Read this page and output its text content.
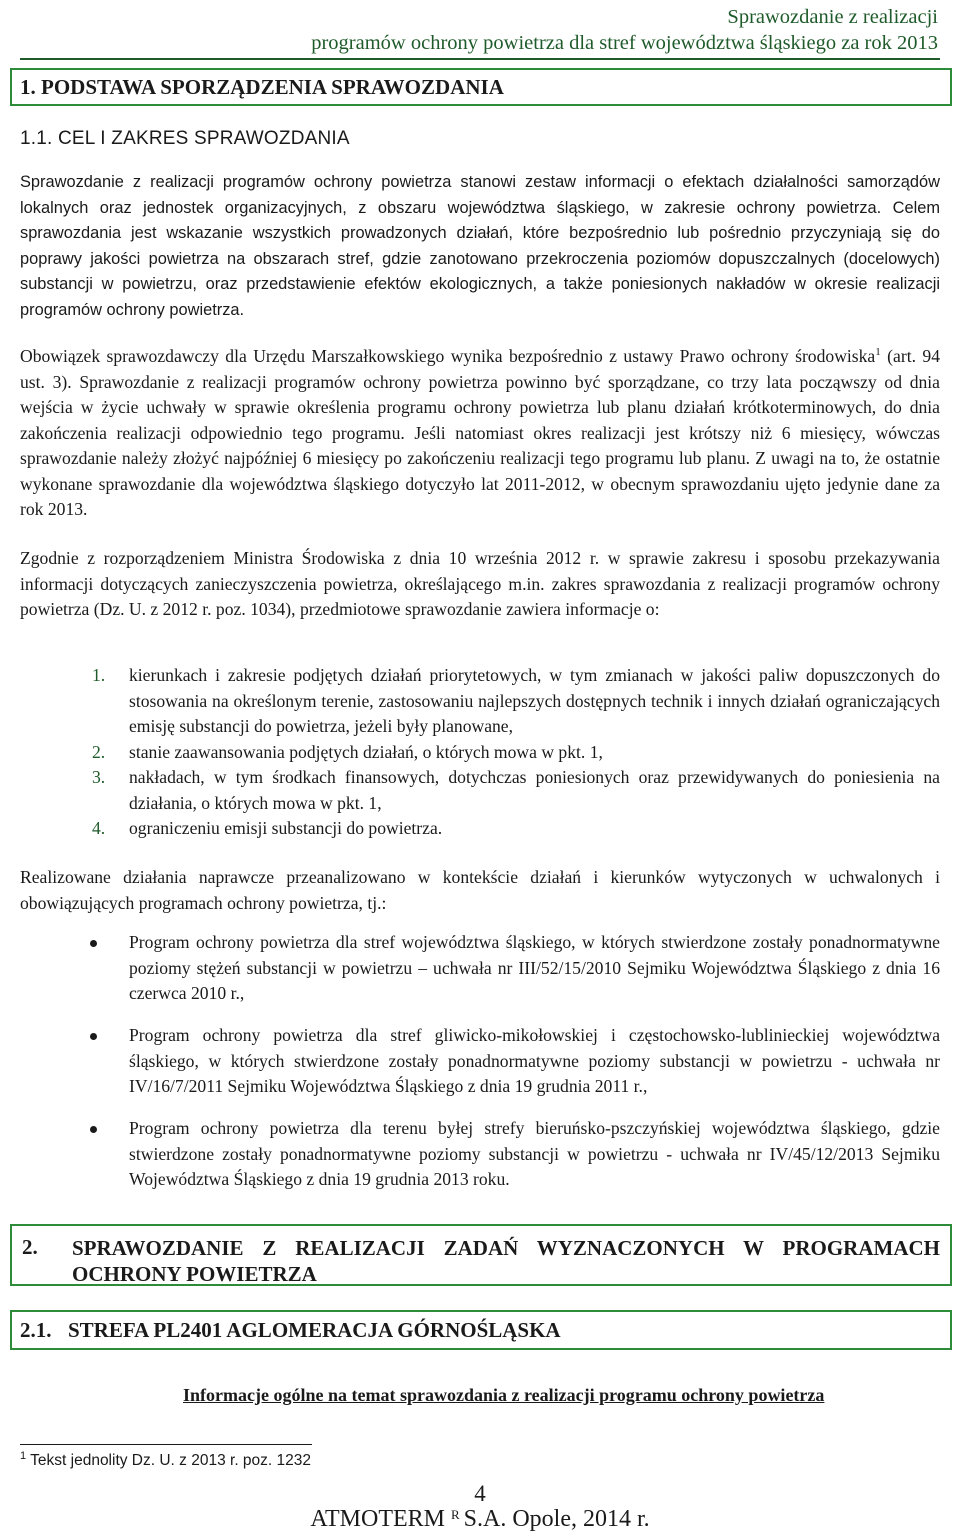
Sprawozdanie z realizacji
programów ochrony powietrza dla stref województwa śląskiego za rok 2013
1. PODSTAWA SPORZĄDZENIA SPRAWOZDANIA
1.1. CEL I ZAKRES SPRAWOZDANIA
Sprawozdanie z realizacji programów ochrony powietrza stanowi zestaw informacji o efektach działalności samorządów lokalnych oraz jednostek organizacyjnych, z obszaru województwa śląskiego, w zakresie ochrony powietrza. Celem sprawozdania jest wskazanie wszystkich prowadzonych działań, które bezpośrednio lub pośrednio przyczyniają się do poprawy jakości powietrza na obszarach stref, gdzie zanotowano przekroczenia poziomów dopuszczalnych (docelowych) substancji w powietrzu, oraz przedstawienie efektów ekologicznych, a także poniesionych nakładów w okresie realizacji programów ochrony powietrza.
Obowiązek sprawozdawczy dla Urzędu Marszałkowskiego wynika bezpośrednio z ustawy Prawo ochrony środowiska$^1$ (art. 94 ust. 3). Sprawozdanie z realizacji programów ochrony powietrza powinno być sporządzane, co trzy lata począwszy od dnia wejścia w życie uchwały w sprawie określenia programu ochrony powietrza lub planu działań krótkoterminowych, do dnia zakończenia realizacji odpowiednio tego programu. Jeśli natomiast okres realizacji jest krótszy niż 6 miesięcy, wówczas sprawozdanie należy złożyć najpóźniej 6 miesięcy po zakończeniu realizacji tego programu lub planu. Z uwagi na to, że ostatnie wykonane sprawozdanie dla województwa śląskiego dotyczyło lat 2011-2012, w obecnym sprawozdaniu ujęto jedynie dane za rok 2013.
Zgodnie z rozporządzeniem Ministra Środowiska z dnia 10 września 2012 r. w sprawie zakresu i sposobu przekazywania informacji dotyczących zanieczyszczenia powietrza, określającego m.in. zakres sprawozdania z realizacji programów ochrony powietrza (Dz. U. z 2012 r. poz. 1034), przedmiotowe sprawozdanie zawiera informacje o:
1. kierunkach i zakresie podjętych działań priorytetowych, w tym zmianach w jakości paliw dopuszczonych do stosowania na określonym terenie, zastosowaniu najlepszych dostępnych technik i innych działań ograniczających emisję substancji do powietrza, jeżeli były planowane,
2. stanie zaawansowania podjętych działań, o których mowa w pkt. 1,
3. nakładach, w tym środkach finansowych, dotychczas poniesionych oraz przewidywanych do poniesienia na działania, o których mowa w pkt. 1,
4. ograniczeniu emisji substancji do powietrza.
Realizowane działania naprawcze przeanalizowano w kontekście działań i kierunków wytyczonych w uchwalonych i obowiązujących programach ochrony powietrza, tj.:
Program ochrony powietrza dla stref województwa śląskiego, w których stwierdzone zostały ponadnormatywne poziomy stężeń substancji w powietrzu – uchwała nr III/52/15/2010 Sejmiku Województwa Śląskiego z dnia 16 czerwca 2010 r.,
Program ochrony powietrza dla stref gliwicko-mikołowskiej i częstochowsko-lublinieckiej województwa śląskiego, w których stwierdzone zostały ponadnormatywne poziomy substancji w powietrzu - uchwała nr IV/16/7/2011 Sejmiku Województwa Śląskiego z dnia 19 grudnia 2011 r.,
Program ochrony powietrza dla terenu byłej strefy bieruńsko-pszczyńskiej województwa śląskiego, gdzie stwierdzone zostały ponadnormatywne poziomy substancji w powietrzu - uchwała nr IV/45/12/2013 Sejmiku Województwa Śląskiego z dnia 19 grudnia 2013 roku.
2. SPRAWOZDANIE Z REALIZACJI ZADAŃ WYZNACZONYCH W PROGRAMACH OCHRONY POWIETRZA
2.1. STREFA PL2401 AGLOMERACJA GÓRNOŚLĄSKA
Informacje ogólne na temat sprawozdania z realizacji programu ochrony powietrza
$^1$ Tekst jednolity Dz. U. z 2013 r. poz. 1232
4
ATMOTERM R S.A. Opole, 2014 r.
